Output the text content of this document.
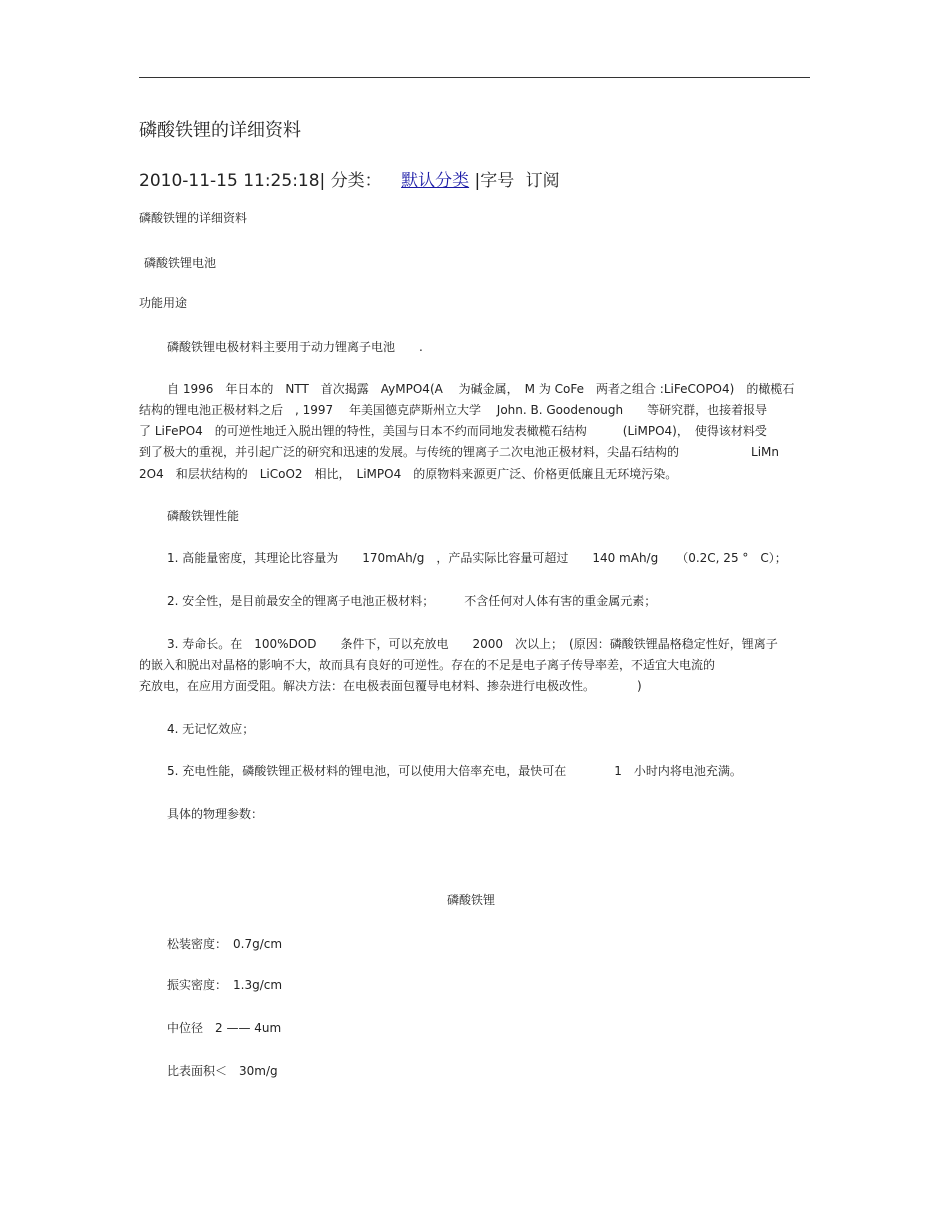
磷酸铁锂的详细资料
2010-11-15 11:25:18| 分类： 默认分类 |字号 订阅
磷酸铁锂的详细资料
磷酸铁锂电池
功能用途
磷酸铁锂电极材料主要用于动力锂离子电池　　.
自 1996　年日本的　NTT　首次揭露　AyMPO4(A　 为碱金属，　M 为 CoFe　两者之组合 :LiFeCOPO4)　的橄榄石
结构的锂电池正极材料之后　, 1997　 年美国德克萨斯州立大学　 John. B. Goodenough　　等研究群，也接着报导
了 LiFePO4　的可逆性地迁入脱出锂的特性，美国与日本不约而同地发表橄榄石结构　　　(LiMPO4)，　使得该材料受
到了极大的重视，并引起广泛的研究和迅速的发展。与传统的锂离子二次电池正极材料，尖晶石结构的　　　　　　LiMn
2O4　和层状结构的　LiCoO2　相比，　LiMPO4　的原物料来源更广泛、价格更低廉且无环境污染。
磷酸铁锂性能
1. 高能量密度，其理论比容量为　　170mAh/g　，产品实际比容量可超过　　140 mAh/g　　（0.2C, 25 °　C）；
2. 安全性，是目前最安全的锂离子电池正极材料；　　　不含任何对人体有害的重金属元素；
3. 寿命长。在　100%DOD　　条件下，可以充放电　　2000　次以上；　(原因：磷酸铁锂晶格稳定性好，锂离子
的嵌入和脱出对晶格的影响不大，故而具有良好的可逆性。存在的不足是电子离子传导率差，不适宜大电流的
充放电，在应用方面受阻。解决方法：在电极表面包覆导电材料、掺杂进行电极改性。　　　　)
4. 无记忆效应；
5. 充电性能，磷酸铁锂正极材料的锂电池，可以使用大倍率充电，最快可在　　　　1　小时内将电池充满。
具体的物理参数：
磷酸铁锂
松装密度：　0.7g/cm
振实密度：　1.3g/cm
中位径　2 —— 4um
比表面积＜　30m/g
